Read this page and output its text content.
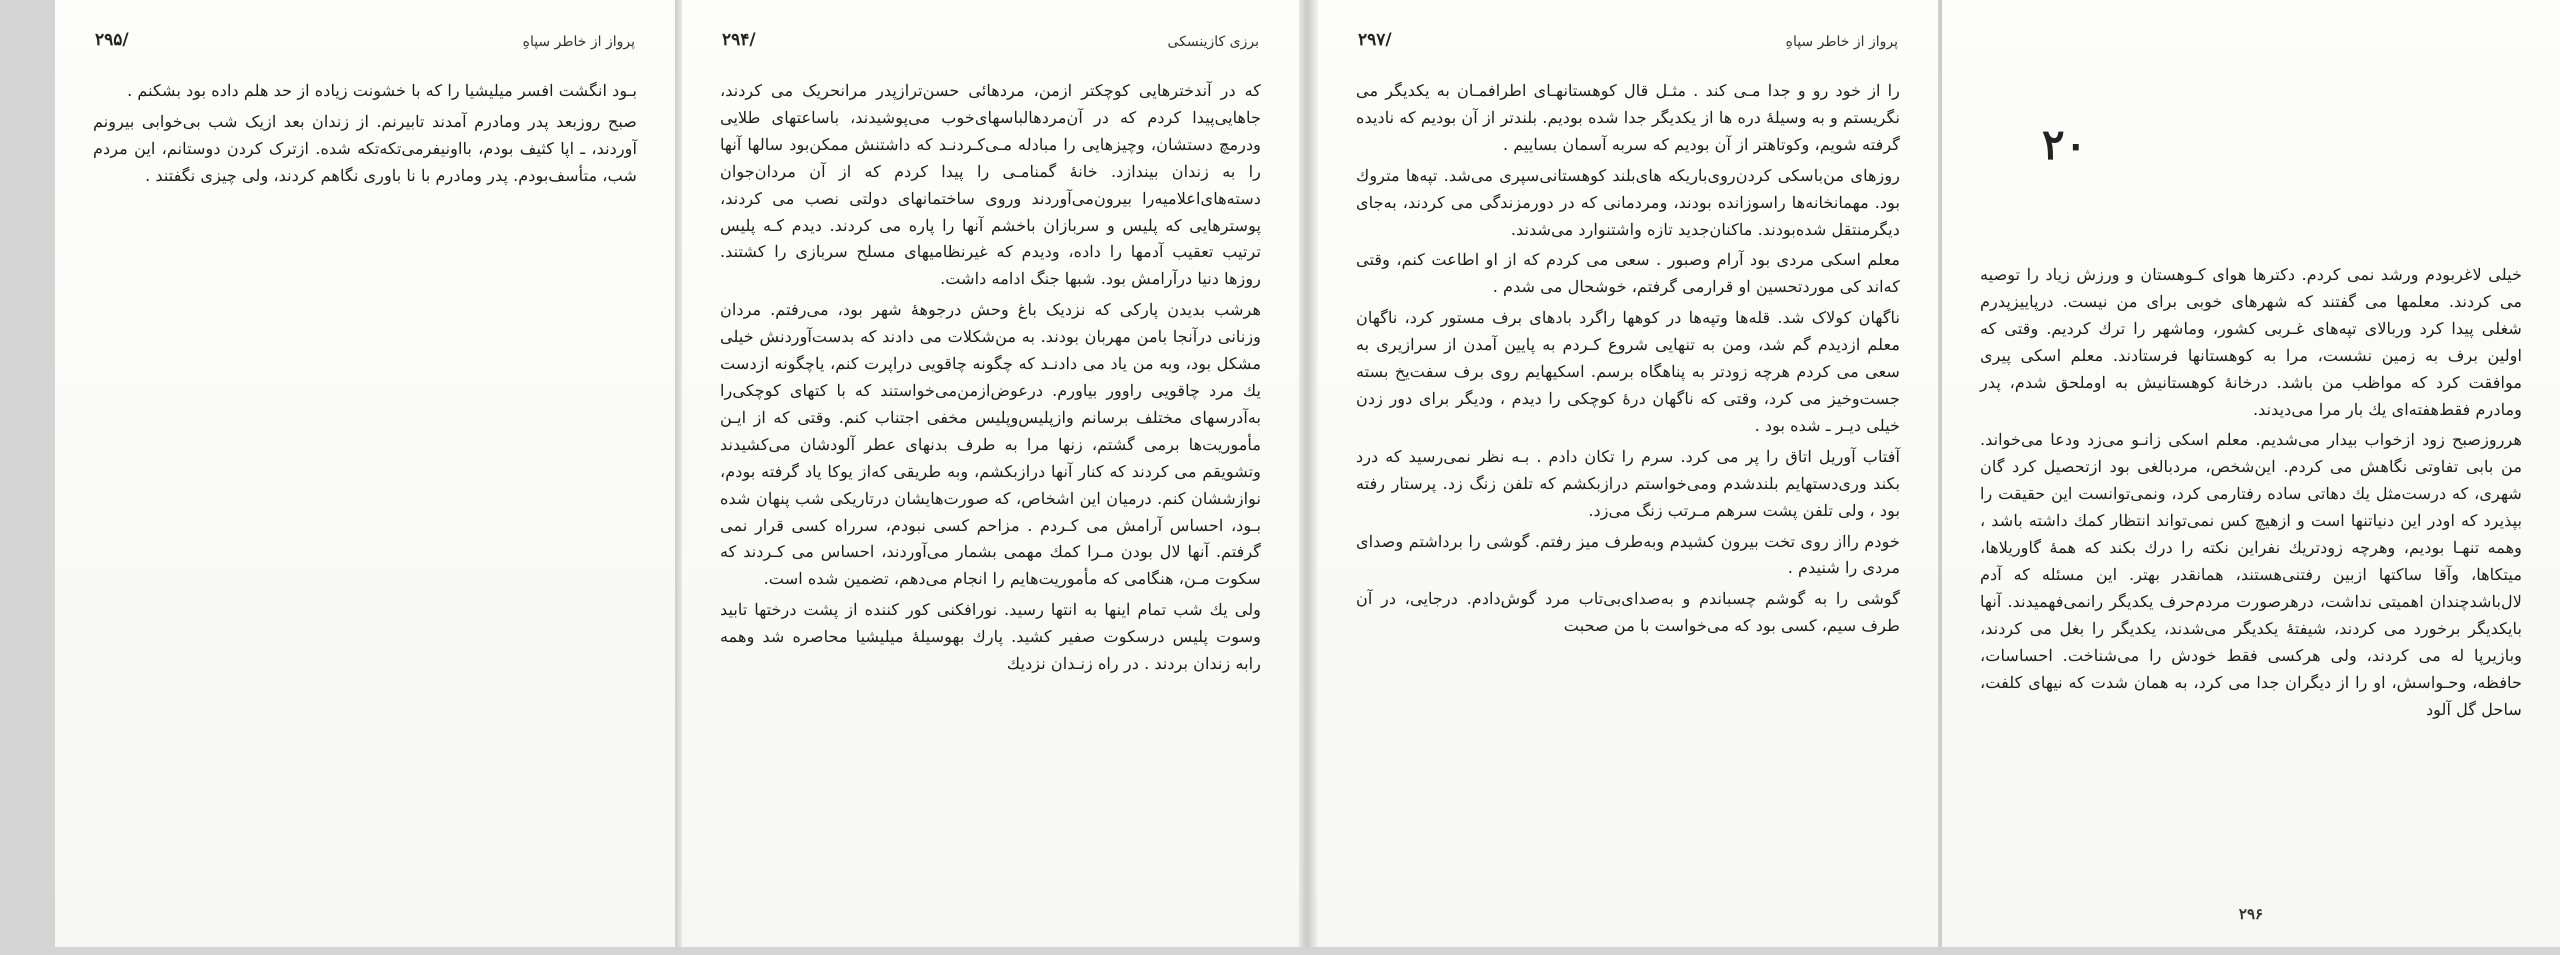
پرواز از خاطر سپاهِ
۲۹۵/

بـود انگشت افسر میلیشیا را که با خشونت زیاده از حد هلم داده بود بشکنم .

صبح روزبعد پدر ومادرم آمدند تابیرنم. از زندان بعد ازیک شب بی‌خوابی بیرونم آوردند، ـ اپا کثیف بودم، بااونیفرمی‌تکه‌تکه شده. ازترک کردن دوستانم، این مردم شب، متأسف‌بودم. پدر ومادرم با نا باوری نگاهم کردند، ولی چیزی نگفتند .

برزی کازینسکی
۲۹۴/

که در آندخترهایی کوچکتر ازمن، مردهائی حسن‌ترازپدر مرانحریک می کردند، جاهایی‌پیدا کردم که در آن‌مردهالباسهای‌خوب می‌پوشیدند، باساعتهای طلایی ودرمچ دستشان، وچیزهایی را مبادله مـی‌کـردنـد که داشتنش ممکن‌بود سالها آنها را به زندان بیندازد. خانهٔ گمنامـی را پیدا کردم که از آن مردان‌جوان دسته‌های‌اعلامیه‌را بیرون‌می‌آوردند وروی ساختمانهای دولتی نصب می کردند، پوسترهایی که پلیس و سربازان باخشم آنها را پاره می کردند. دیدم کـه پلیس ترتیب تعقیب آدمها را داده، ودیدم که غیرنظامیهای مسلح سربازی را کشتند. روزها دنیا درآرامش بود. شبها جنگ ادامه داشت.

هرشب بدیدن پارکی که نزدیک باغ وحش درجوههٔ شهر بود، می‌رفتم. مردان وزنانی درآنجا بامن مهربان بودند. به من‌شکلات می دادند که بدست‌آوردنش خیلی مشکل بود، وبه من یاد می دادنـد که چگونه چاقویی دراپرت کنم، یاچگونه ازدست یك مرد چاقویی راوور بیاورم. درعوض‌ازمن‌می‌خواستند که با کتهای کوچکی‌را به‌آدرسهای مختلف برسانم وازپلیس‌وپلیس مخفی اجتناب کنم. وقتی که از ایـن مأموریت‌ها برمی گشتم، زنها مرا به طرف بدنهای عطر آلودشان می‌کشیدند وتشویقم می کردند که کنار آنها درازبکشم، وبه طریقی که‌از یوکا یاد گرفته بودم، نوازششان کنم. درمیان این اشخاص، که صورت‌هایشان درتاریکی شب پنهان شده بـود، احساس آرامش می کـردم . مزاحم کسی نبودم، سرراه کسی قرار نمی گرفتم. آنها لال بودن مـرا کمك مهمی بشمار می‌آوردند، احساس می کـردند که سکوت مـن، هنگامی که مأموریت‌هایم را انجام می‌دهم، تضمین شده است.

ولی یك شب تمام اینها به انتها رسید. نورافکنی کور کننده از پشت درختها تابید وسوت پلیس درسکوت صفیر کشید. پارك بهوسیلهٔ میلیشیا محاصره شد وهمه رابه زندان بردند . در راه زنـدان نزدیك

پرواز از خاطر سپاهِ
۲۹۷/

را از خود رو و جدا مـی کند . مثـل قال کوهستانهـای اطرافمـان به یکدیگر می نگریستم و به وسیلهٔ دره ها از یکدیگر جدا شده بودیم. بلندتر از آن بودیم که نادیده گرفته شویم، وکوتاهتر از آن بودیم که سربه آسمان بساییم .

روزهای من‌باسکی کردن‌روی‌باریکه های‌بلند کوهستانی‌سپری می‌شد. تپه‌ها متروك بود. مهمانخانه‌ها راسوزانده بودند، ومردمانی که در دورمزندگی می کردند، به‌جای دیگرمنتقل شده‌بودند. ماکنان‌جدید تازه واشتنوارد می‌شدند.

معلم اسکی مردی بود آرام وصبور . سعی می کردم که از او اطاعت کنم، وقتی که‌اند کی مورد‌تحسین او قرارمی گرفتم، خوشحال می شدم .

ناگهان کولاک شد. قله‌ها وتپه‌ها در کوهها راگرد بادهای برف مستور کرد، ناگهان معلم ازدیدم گم شد، ومن به تنهایی شروع کـردم به پایین آمدن از سرازیری به سعی می کردم هرچه زودتر به پناهگاه برسم. اسکیهایم روی برف سفت‌یخ بسته جست‌وخیز می کرد، وقتی که ناگهان درهٔ کوچکی را دیدم ، ودیگر برای دور زدن خیلی دیـر ـ شده بود .

آفتاب آوریل اتاق را پر می کرد. سرم را تکان دادم . بـه نظر نمی‌رسید که درد بکند وری‌دستهایم بلندشدم ومی‌خواستم درازبکشم که تلفن زنگ زد. پرستار رفته بود ، ولی تلفن پشت سرهم مـرتب زنگ می‌زد.

خودم رااز روی تخت بیرون کشیدم وبه‌طرف میز رفتم. گوشی را برداشتم وصدای مردی را شنیدم .

گوشی را به گوشم چسباندم و به‌صدای‌بی‌تاب مرد گوش‌دادم. درجایی، در آن طرف سیم، کسی بود که می‌خواست با من صحبت

۲۰

خیلی لاغربودم ورشد نمی کردم. دکترها هوای کـوهستان و ورزش زیاد را توصیه می کردند. معلمها می گفتند که شهرهای خوبی برای من نیست. درپاییزپدرم شغلی پیدا کرد وربالای تپه‌های غـربی کشور، وماشهر را ترك کردیم. وقتی که اولین برف به زمین نشست، مرا به کوهستانها فرستادند. معلم اسکی پیری موافقت کرد که مواظب من باشد. درخانهٔ کوهستانیش به اوملحق شدم، پدر ومادرم فقط‌هفته‌ای یك بار مرا می‌دیدند.

هرروزصبح زود ازخواب بیدار می‌شدیم. معلم اسکی زانـو می‌زد ودعا می‌خواند. من بابی تفاوتی نگاهش می کردم. این‌شخص، مردبالغی بود ازتحصیل کرد گان شهری، که درست‌مثل یك دهاتی ساده رفتارمی کرد، ونمی‌توانست این حقیقت را بپذیرد که اودر این دنیاتنها است و ازهیچ کس نمی‌تواند انتظار کمك داشته باشد ، وهمه تنهـا بودیم، وهرچه زودتریك نفراین نکته را درك بکند که همهٔ گاوریلاها، میتکاها، وآقا ساکتها ازبین رفتنی‌هستند، همانقدر بهتر. این مسئله که آدم لال‌باشدچندان اهمیتی نداشت، درهرصورت مردم‌حرف یکدیگر رانمی‌فهمیدند. آنها بایکدیگر برخورد می کردند، شیفتهٔ یکدیگر می‌شدند، یکدیگر را بغل می کردند، وبازیرپا له می کردند، ولی هرکسی فقط خودش را می‌شناخت. احساسات، حافظه، وحـواسش، او را از دیگران جدا می کرد، به همان شدت که نیهای کلفت، ساحل گل آلود

۲۹۶
